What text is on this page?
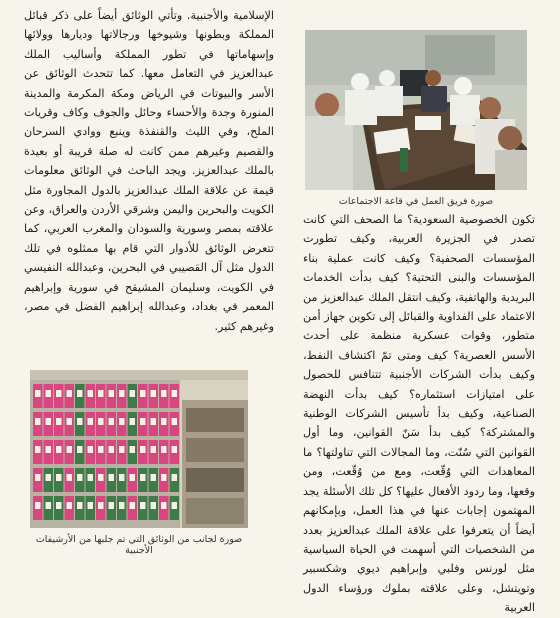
تكون الخصوصية السعودية؟ ما الصحف التي كانت تصدر في الجزيرة العربية، وكيف تطورت المؤسسات الصحفية؟ وكيف كانت عملية بناء المؤسسات والبنى التحتية؟ كيف بدأت الخدمات البريدية والهاتفية، وكيف انتقل الملك عبدالعزيز من الاعتماد على الفداوية والقبائل إلى تكوين جهاز أمن متطور، وقوات عسكرية منظمة على أحدث الأسس العصرية؟ كيف ومتى تمّ اكتشاف النفط، وكيف بدأت الشركات الأجنبية تتنافس للحصول على امتيازات استثماره؟ كيف بدأت النهضة الصناعية، وكيف بدأ تأسيس الشركات الوطنية والمشتركة؟ كيف بدأ سَنّ القوانين، وما أول القوانين التي سُنّت، وما المجالات التي تناولتها؟ ما المعاهدات التي وُقّعت، ومع من وُقّعت، ومن وقعها، وما ردود الأفعال عليها؟ كل تلك الأسئلة يجد المهتمون إجابات عنها في هذا العمل، وبإمكانهم أيضاً أن يتعرفوا على علاقة الملك عبدالعزيز بعدد من الشخصيات التي أسهمت في الحياة السياسية مثل لورنس وفلبي وإبراهيم ديوي وشكسبير وتويتشل، وعلى علاقته بملوك ورؤساء الدول العربية

الإسلامية والأجنبية. وتأتي الوثائق أيضاً على ذكر قبائل المملكة وبطونها وشيوخها ورجالاتها وديارها وولائها وإسهاماتها في تطور المملكة وأساليب الملك عبدالعزيز في التعامل معها. كما تتحدث الوثائق عن الأسر والبيوتات في الرياض ومكة المكرمة والمدينة المنورة وجدة والأحساء وحائل والجوف وكاف وقريات الملح، وفي الليث والقنفذة وينبع ووادي السرحان والقصيم وغيرهم ممن كانت له صلة قريبة أو بعيدة بالملك عبدالعزيز. ويجد الباحث في الوثائق معلومات قيمة عن علاقة الملك عبدالعزيز بالدول المجاورة مثل الكويت والبحرين واليمن وشرقي الأردن والعراق، وعن علاقته بمصر وسورية والسودان والمغرب العربي، كما تتعرض الوثائق للأدوار التي قام بها ممثلوه في تلك الدول مثل آل القصيبي في البحرين، وعبدالله النفيسي في الكويت، وسليمان المشيقح في سورية وإبراهيم المعمر في بغداد، وعبدالله إبراهيم الفضل في مصر، وغيرهم كثير.

صورة فريق العمل في قاعة الاجتماعات
صورة لجانب من الوثائق التي تم جلبها من الأرشيفات الأجنبية
